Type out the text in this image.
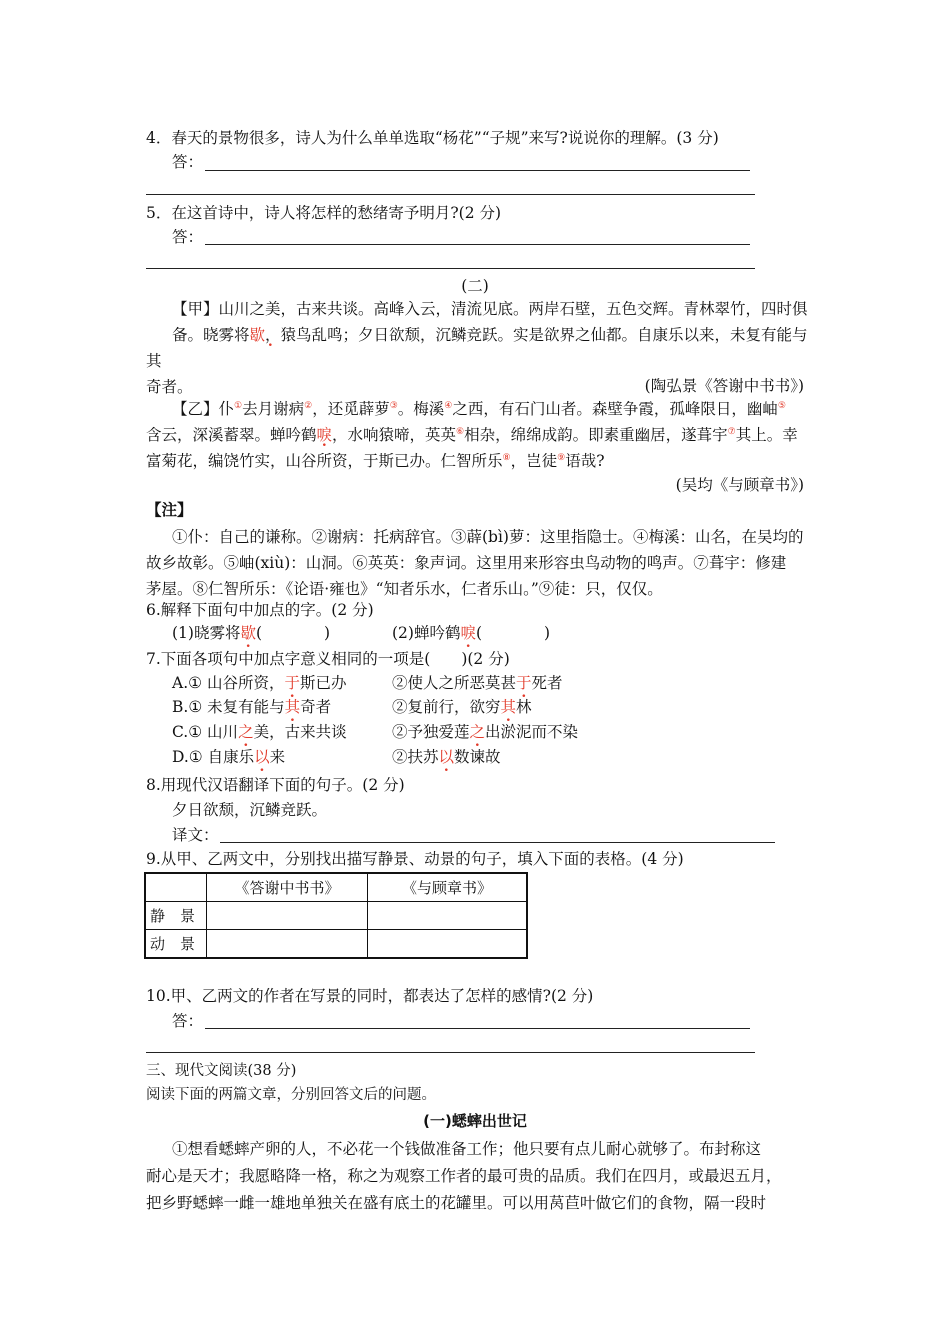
4．春天的景物很多，诗人为什么单单选取“杨花”“子规”来写?说说你的理解。(3 分)
答：
5．在这首诗中，诗人将怎样的愁绪寄予明月?(2 分)
答：
(二)
【甲】山川之美，古来共谈。高峰入云，清流见底。两岸石壁，五色交辉。青林翠竹，四时俱
备。晓雾将歇，猿鸟乱鸣；夕日欲颓，沉鳞竞跃。实是欲界之仙都。自康乐以来，未复有能与其
奇者。	(陶弘景《答谢中书书》)
【乙】仆①去月谢病②，还觅薜萝③。梅溪④之西，有石门山者。森壁争霞，孤峰限日，幽岫⑤
含云，深溪蓄翠。蝉吟鹤唳，水响猿啼，英英⑥相杂，绵绵成韵。即素重幽居，遂葺宇⑦其上。幸
富菊花，编饶竹实，山谷所资，于斯已办。仁智所乐⑧，岂徒⑨语哉?
(吴均《与顾章书》)
【注】
①仆：自己的谦称。②谢病：托病辞官。③薜(bì)萝：这里指隐士。④梅溪：山名，在吴均的
故乡故彰。⑤岫(xiù)：山洞。⑥英英：象声词。这里用来形容虫鸟动物的鸣声。⑦葺宇：修建
茅屋。⑧仁智所乐：《论语·雍也》“知者乐水，仁者乐山。”⑨徒：只，仅仅。
6.解释下面句中加点的字。(2 分)
(1)晓雾将歇(　　　　)	(2)蝉吟鹤唳(　　　　)
7.下面各项句中加点字意义相同的一项是(　　)(2 分)
A.① 山谷所资，于斯已办	②使人之所恶莫甚于死者
B.① 未复有能与其奇者	②复前行，欲穷其林
C.① 山川之美，古来共谈	②予独爱莲之出淤泥而不染
D.① 自康乐以来	②扶苏以数谏故
8.用现代汉语翻译下面的句子。(2 分)
夕日欲颓，沉鳞竞跃。
译文：
9.从甲、乙两文中，分别找出描写静景、动景的句子，填入下面的表格。(4 分)
	《答谢中书书》	《与顾章书》
静　景		
动　景		
10.甲、乙两文的作者在写景的同时，都表达了怎样的感情?(2 分)
答：
三、现代文阅读(38 分)
阅读下面的两篇文章，分别回答文后的问题。
(一)蟋蟀出世记
①想看蟋蟀产卵的人，不必花一个钱做准备工作；他只要有点儿耐心就够了。布封称这
耐心是天才；我愿略降一格，称之为观察工作者的最可贵的品质。我们在四月，或最迟五月，
把乡野蟋蟀一雌一雄地单独关在盛有底土的花罐里。可以用莴苣叶做它们的食物，隔一段时
